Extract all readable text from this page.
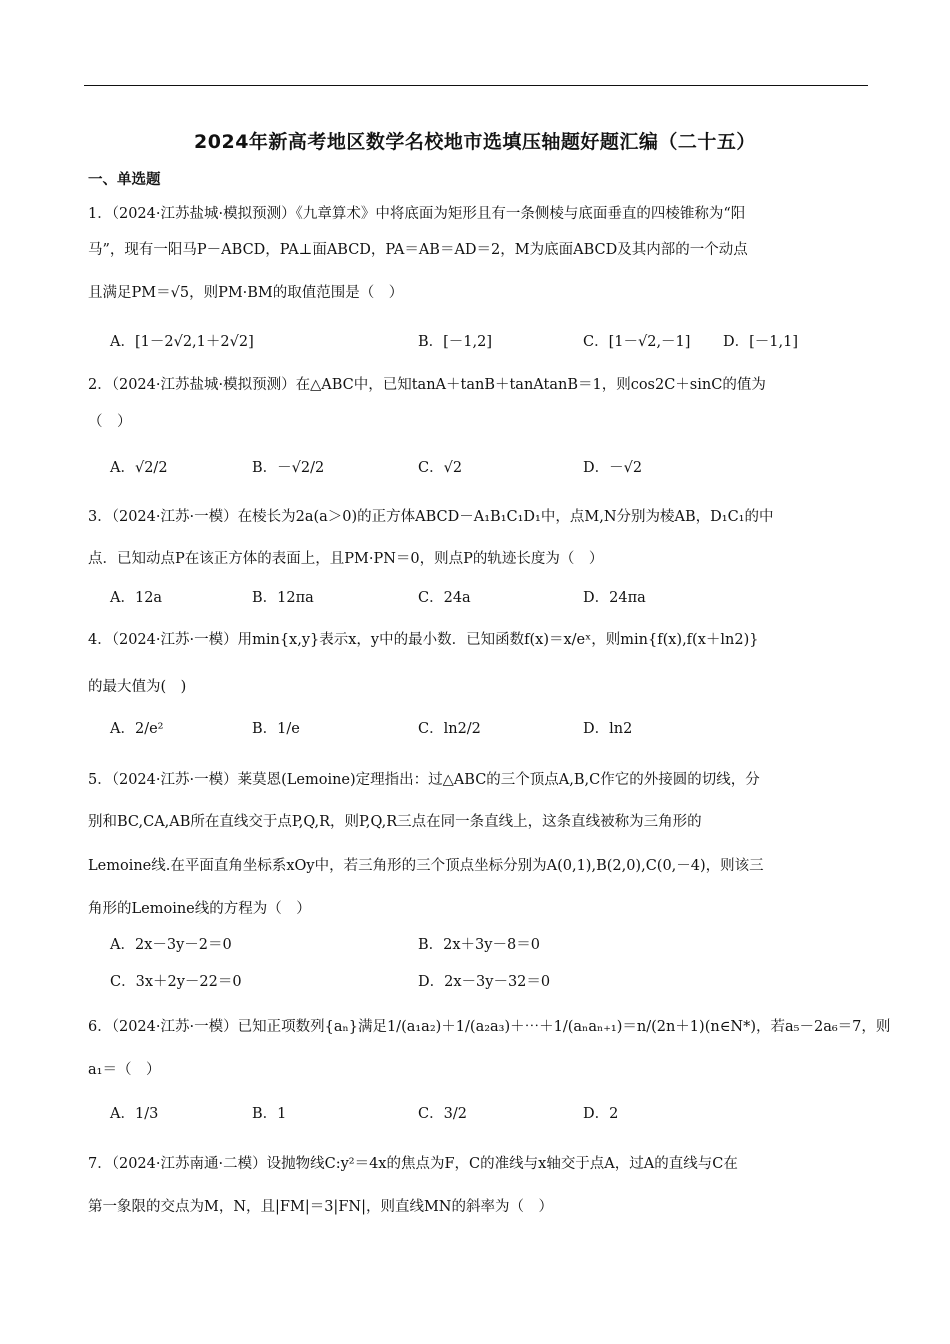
2024年新高考地区数学名校地市选填压轴题好题汇编（二十五）
一、单选题
1．（2024·江苏盐城·模拟预测）《九章算术》中将底面为矩形且有一条侧棱与底面垂直的四棱锥称为“阳
马”，现有一阳马P－ABCD，PA⊥面ABCD，PA＝AB＝AD＝2，M为底面ABCD及其内部的一个动点
且满足PM＝√5，则PM·BM的取值范围是（　）
A．[1－2√2,1＋2√2]	B．[－1,2]	C．[1－√2,－1] D．[－1,1]
2．（2024·江苏盐城·模拟预测）在△ABC中，已知tanA＋tanB＋tanAtanB＝1，则cos2C＋sinC的值为
（　）
A．√2/2	B．－√2/2	C．√2	D．－√2
3．（2024·江苏·一模）在棱长为2a(a＞0)的正方体ABCD－A₁B₁C₁D₁中，点M,N分别为棱AB，D₁C₁的中
点．已知动点P在该正方体的表面上，且PM·PN＝0，则点P的轨迹长度为（　）
A．12a	B．12πa	C．24a	D．24πa
4．（2024·江苏·一模）用min{x,y}表示x，y中的最小数．已知函数f(x)＝x/eˣ，则min{f(x),f(x＋ln2)}
的最大值为(　)
A．2/e²	B．1/e	C．ln2/2	D．ln2
5．（2024·江苏·一模）莱莫恩(Lemoine)定理指出：过△ABC的三个顶点A,B,C作它的外接圆的切线，分
别和BC,CA,AB所在直线交于点P,Q,R，则P,Q,R三点在同一条直线上，这条直线被称为三角形的
Lemoine线.在平面直角坐标系xOy中，若三角形的三个顶点坐标分别为A(0,1),B(2,0),C(0,－4)，则该三
角形的Lemoine线的方程为（　）
A．2x－3y－2＝0	B．2x＋3y－8＝0
C．3x＋2y－22＝0	D．2x－3y－32＝0
6．（2024·江苏·一模）已知正项数列{aₙ}满足1/(a₁a₂)＋1/(a₂a₃)＋⋯＋1/(aₙaₙ₊₁)＝n/(2n＋1)(n∈N*)，若a₅－2a₆＝7，则
a₁＝（　）
A．1/3	B．1	C．3/2	D．2
7．（2024·江苏南通·二模）设抛物线C:y²＝4x的焦点为F，C的准线与x轴交于点A，过A的直线与C在
第一象限的交点为M，N，且|FM|＝3|FN|，则直线MN的斜率为（　）
